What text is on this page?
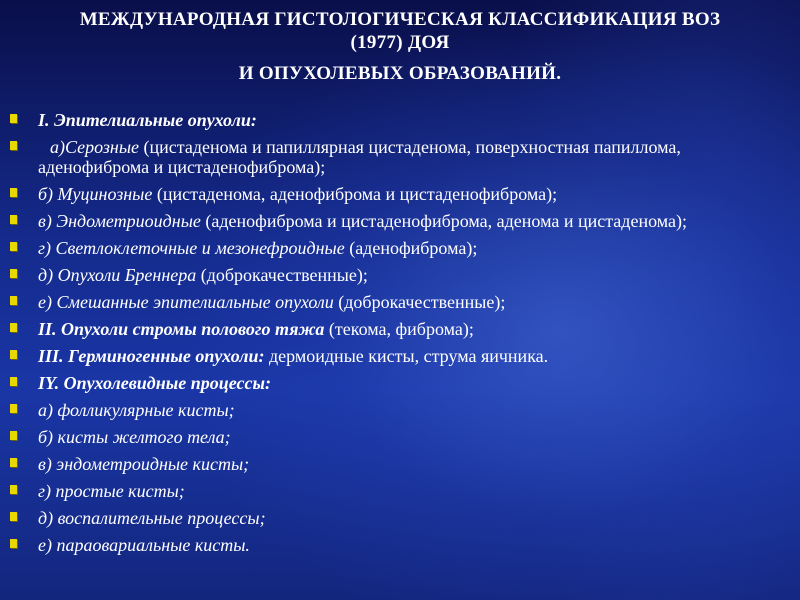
МЕЖДУНАРОДНАЯ ГИСТОЛОГИЧЕСКАЯ КЛАССИФИКАЦИЯ ВОЗ
(1977) ДОЯ
И ОПУХОЛЕВЫХ ОБРАЗОВАНИЙ.
I. Эпителиальные опухоли:
а)Серозные (цистаденома и папиллярная цистаденома, поверхностная папиллома, аденофиброма и цистаденофиброма);
б) Муцинозные (цистаденома, аденофиброма и цистаденофиброма);
в) Эндометриоидные (аденофиброма и цистаденофиброма, аденома и цистаденома);
г) Светлоклеточные и мезонефроидные (аденофиброма);
д) Опухоли Бреннера (доброкачественные);
е) Смешанные эпителиальные опухоли (доброкачественные);
II. Опухоли стромы полового тяжа (текома, фиброма);
III. Герминогенные опухоли: дермоидные кисты, струма яичника.
IY. Опухолевидные процессы:
а) фолликулярные кисты;
б) кисты желтого тела;
в) эндометроидные кисты;
г) простые кисты;
д) воспалительные процессы;
е) параовариальные кисты.
